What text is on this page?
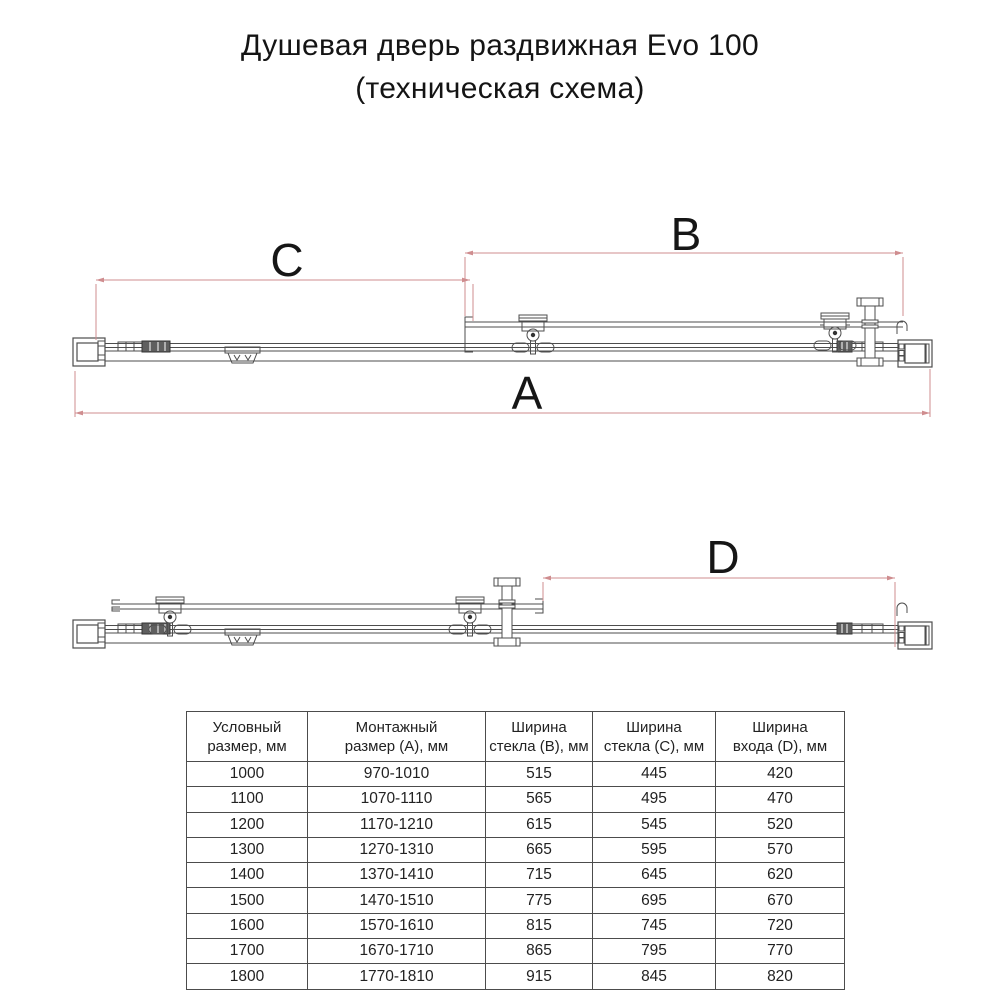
Душевая дверь раздвижная Evo 100
(техническая схема)
C	B
A
D
Условный
размер, мм	Монтажный
размер (A), мм	Ширина
стекла (B), мм	Ширина
стекла (C), мм	Ширина
входа (D), мм
1000	970-1010	515	445	420
1100	1070-1110	565	495	470
1200	1170-1210	615	545	520
1300	1270-1310	665	595	570
1400	1370-1410	715	645	620
1500	1470-1510	775	695	670
1600	1570-1610	815	745	720
1700	1670-1710	865	795	770
1800	1770-1810	915	845	820
